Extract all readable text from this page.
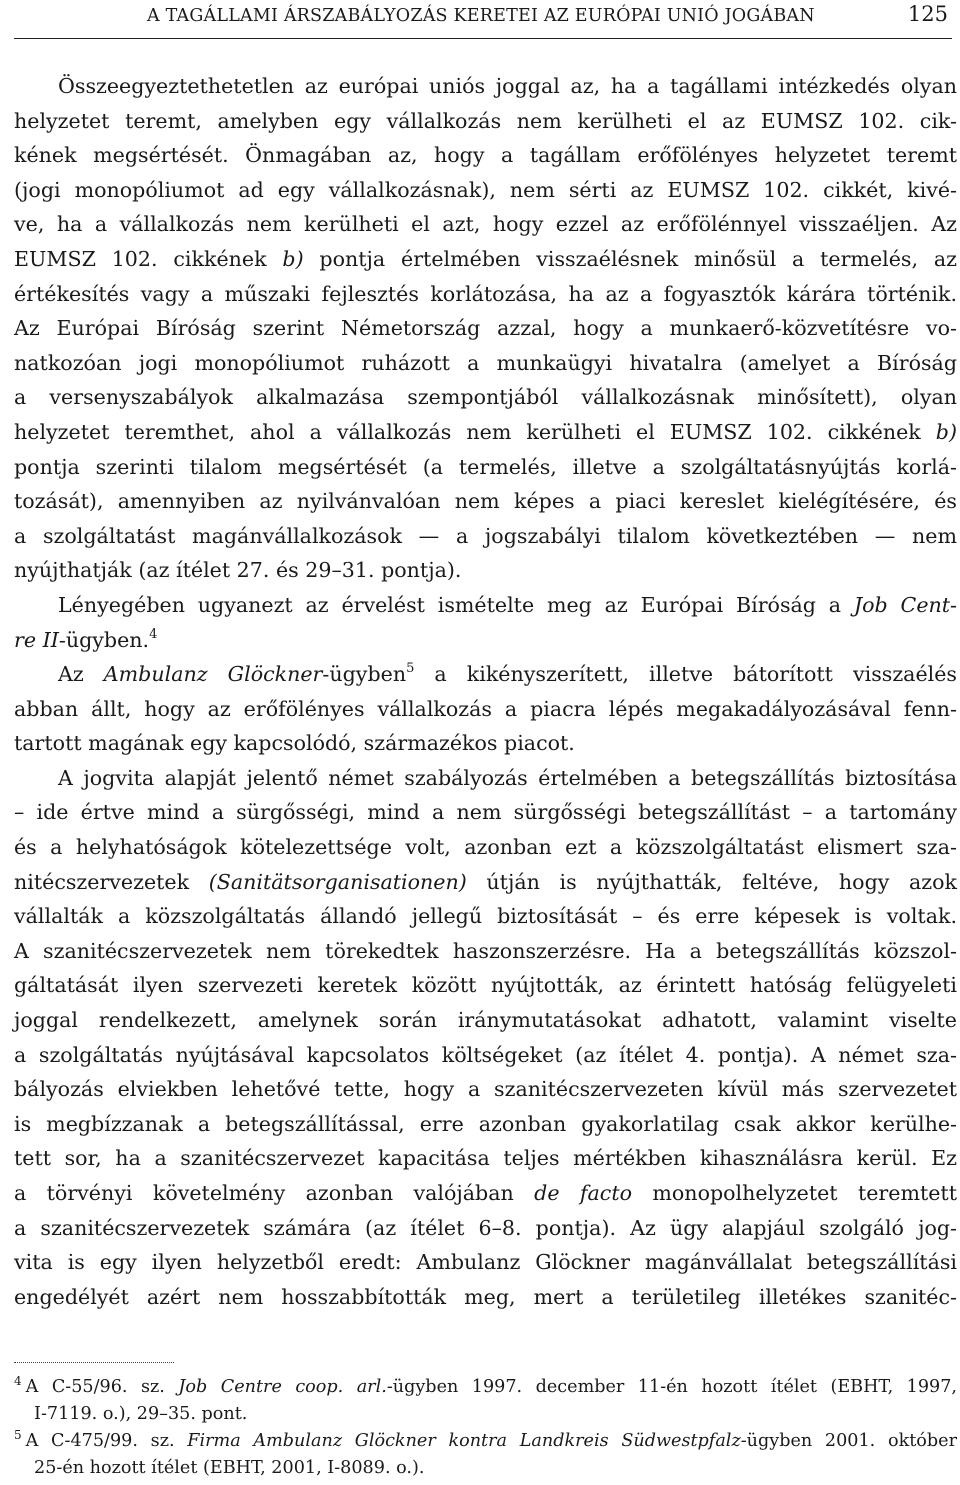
A TAGÁLLAMI ÁRSZABÁLYOZÁS KERETEI AZ EURÓPAI UNIÓ JOGÁBAN	125
Összeegyeztethetetlen az európai uniós joggal az, ha a tagállami intézkedés olyan
helyzetet teremt, amelyben egy vállalkozás nem kerülheti el az EUMSZ 102. cik-
kének megsértését. Önmagában az, hogy a tagállam erőfölényes helyzetet teremt
(jogi monopóliumot ad egy vállalkozásnak), nem sérti az EUMSZ 102. cikkét, kivé-
ve, ha a vállalkozás nem kerülheti el azt, hogy ezzel az erőfölénnyel visszaéljen. Az
EUMSZ 102. cikkének b) pontja értelmében visszaélésnek minősül a termelés, az
értékesítés vagy a műszaki fejlesztés korlátozása, ha az a fogyasztók kárára történik.
Az Európai Bíróság szerint Németország azzal, hogy a munkaerő-közvetítésre vo-
natkozóan jogi monopóliumot ruházott a munkaügyi hivatalra (amelyet a Bíróság
a versenyszabályok alkalmazása szempontjából vállalkozásnak minősített), olyan
helyzetet teremthet, ahol a vállalkozás nem kerülheti el EUMSZ 102. cikkének b)
pontja szerinti tilalom megsértését (a termelés, illetve a szolgáltatásnyújtás korlá-
tozását), amennyiben az nyilvánvalóan nem képes a piaci kereslet kielégítésére, és
a szolgáltatást magánvállalkozások — a jogszabályi tilalom következtében — nem
nyújthatják (az ítélet 27. és 29–31. pontja).
Lényegében ugyanezt az érvelést ismételte meg az Európai Bíróság a Job Cent-
re II-ügyben.$^4$
Az Ambulanz Glöckner-ügyben$^5$ a kikényszerített, illetve bátorított visszaélés
abban állt, hogy az erőfölényes vállalkozás a piacra lépés megakadályozásával fenn-
tartott magának egy kapcsolódó, származékos piacot.
A jogvita alapját jelentő német szabályozás értelmében a betegszállítás biztosítása
– ide értve mind a sürgősségi, mind a nem sürgősségi betegszállítást – a tartomány
és a helyhatóságok kötelezettsége volt, azonban ezt a közszolgáltatást elismert sza-
nitécszervezetek (Sanitätsorganisationen) útján is nyújthatták, feltéve, hogy azok
vállalták a közszolgáltatás állandó jellegű biztosítását – és erre képesek is voltak.
A szanitécszervezetek nem törekedtek haszonszerzésre. Ha a betegszállítás közszol-
gáltatását ilyen szervezeti keretek között nyújtották, az érintett hatóság felügyeleti
joggal rendelkezett, amelynek során iránymutatásokat adhatott, valamint viselte
a szolgáltatás nyújtásával kapcsolatos költségeket (az ítélet 4. pontja). A német sza-
bályozás elviekben lehetővé tette, hogy a szanitécszervezeten kívül más szervezetet
is megbízzanak a betegszállítással, erre azonban gyakorlatilag csak akkor kerülhe-
tett sor, ha a szanitécszervezet kapacitása teljes mértékben kihasználásra kerül. Ez
a törvényi követelmény azonban valójában de facto monopolhelyzetet teremtett
a szanitécszervezetek számára (az ítélet 6–8. pontja). Az ügy alapjául szolgáló jog-
vita is egy ilyen helyzetből eredt: Ambulanz Glöckner magánvállalat betegszállítási
engedélyét azért nem hosszabbították meg, mert a területileg illetékes szanitéc-
$^4$ A C-55/96. sz. Job Centre coop. arl.-ügyben 1997. december 11-én hozott ítélet (EBHT, 1997,
I-7119. o.), 29–35. pont.
$^5$ A C-475/99. sz. Firma Ambulanz Glöckner kontra Landkreis Südwestpfalz-ügyben 2001. október
25-én hozott ítélet (EBHT, 2001, I-8089. o.).
